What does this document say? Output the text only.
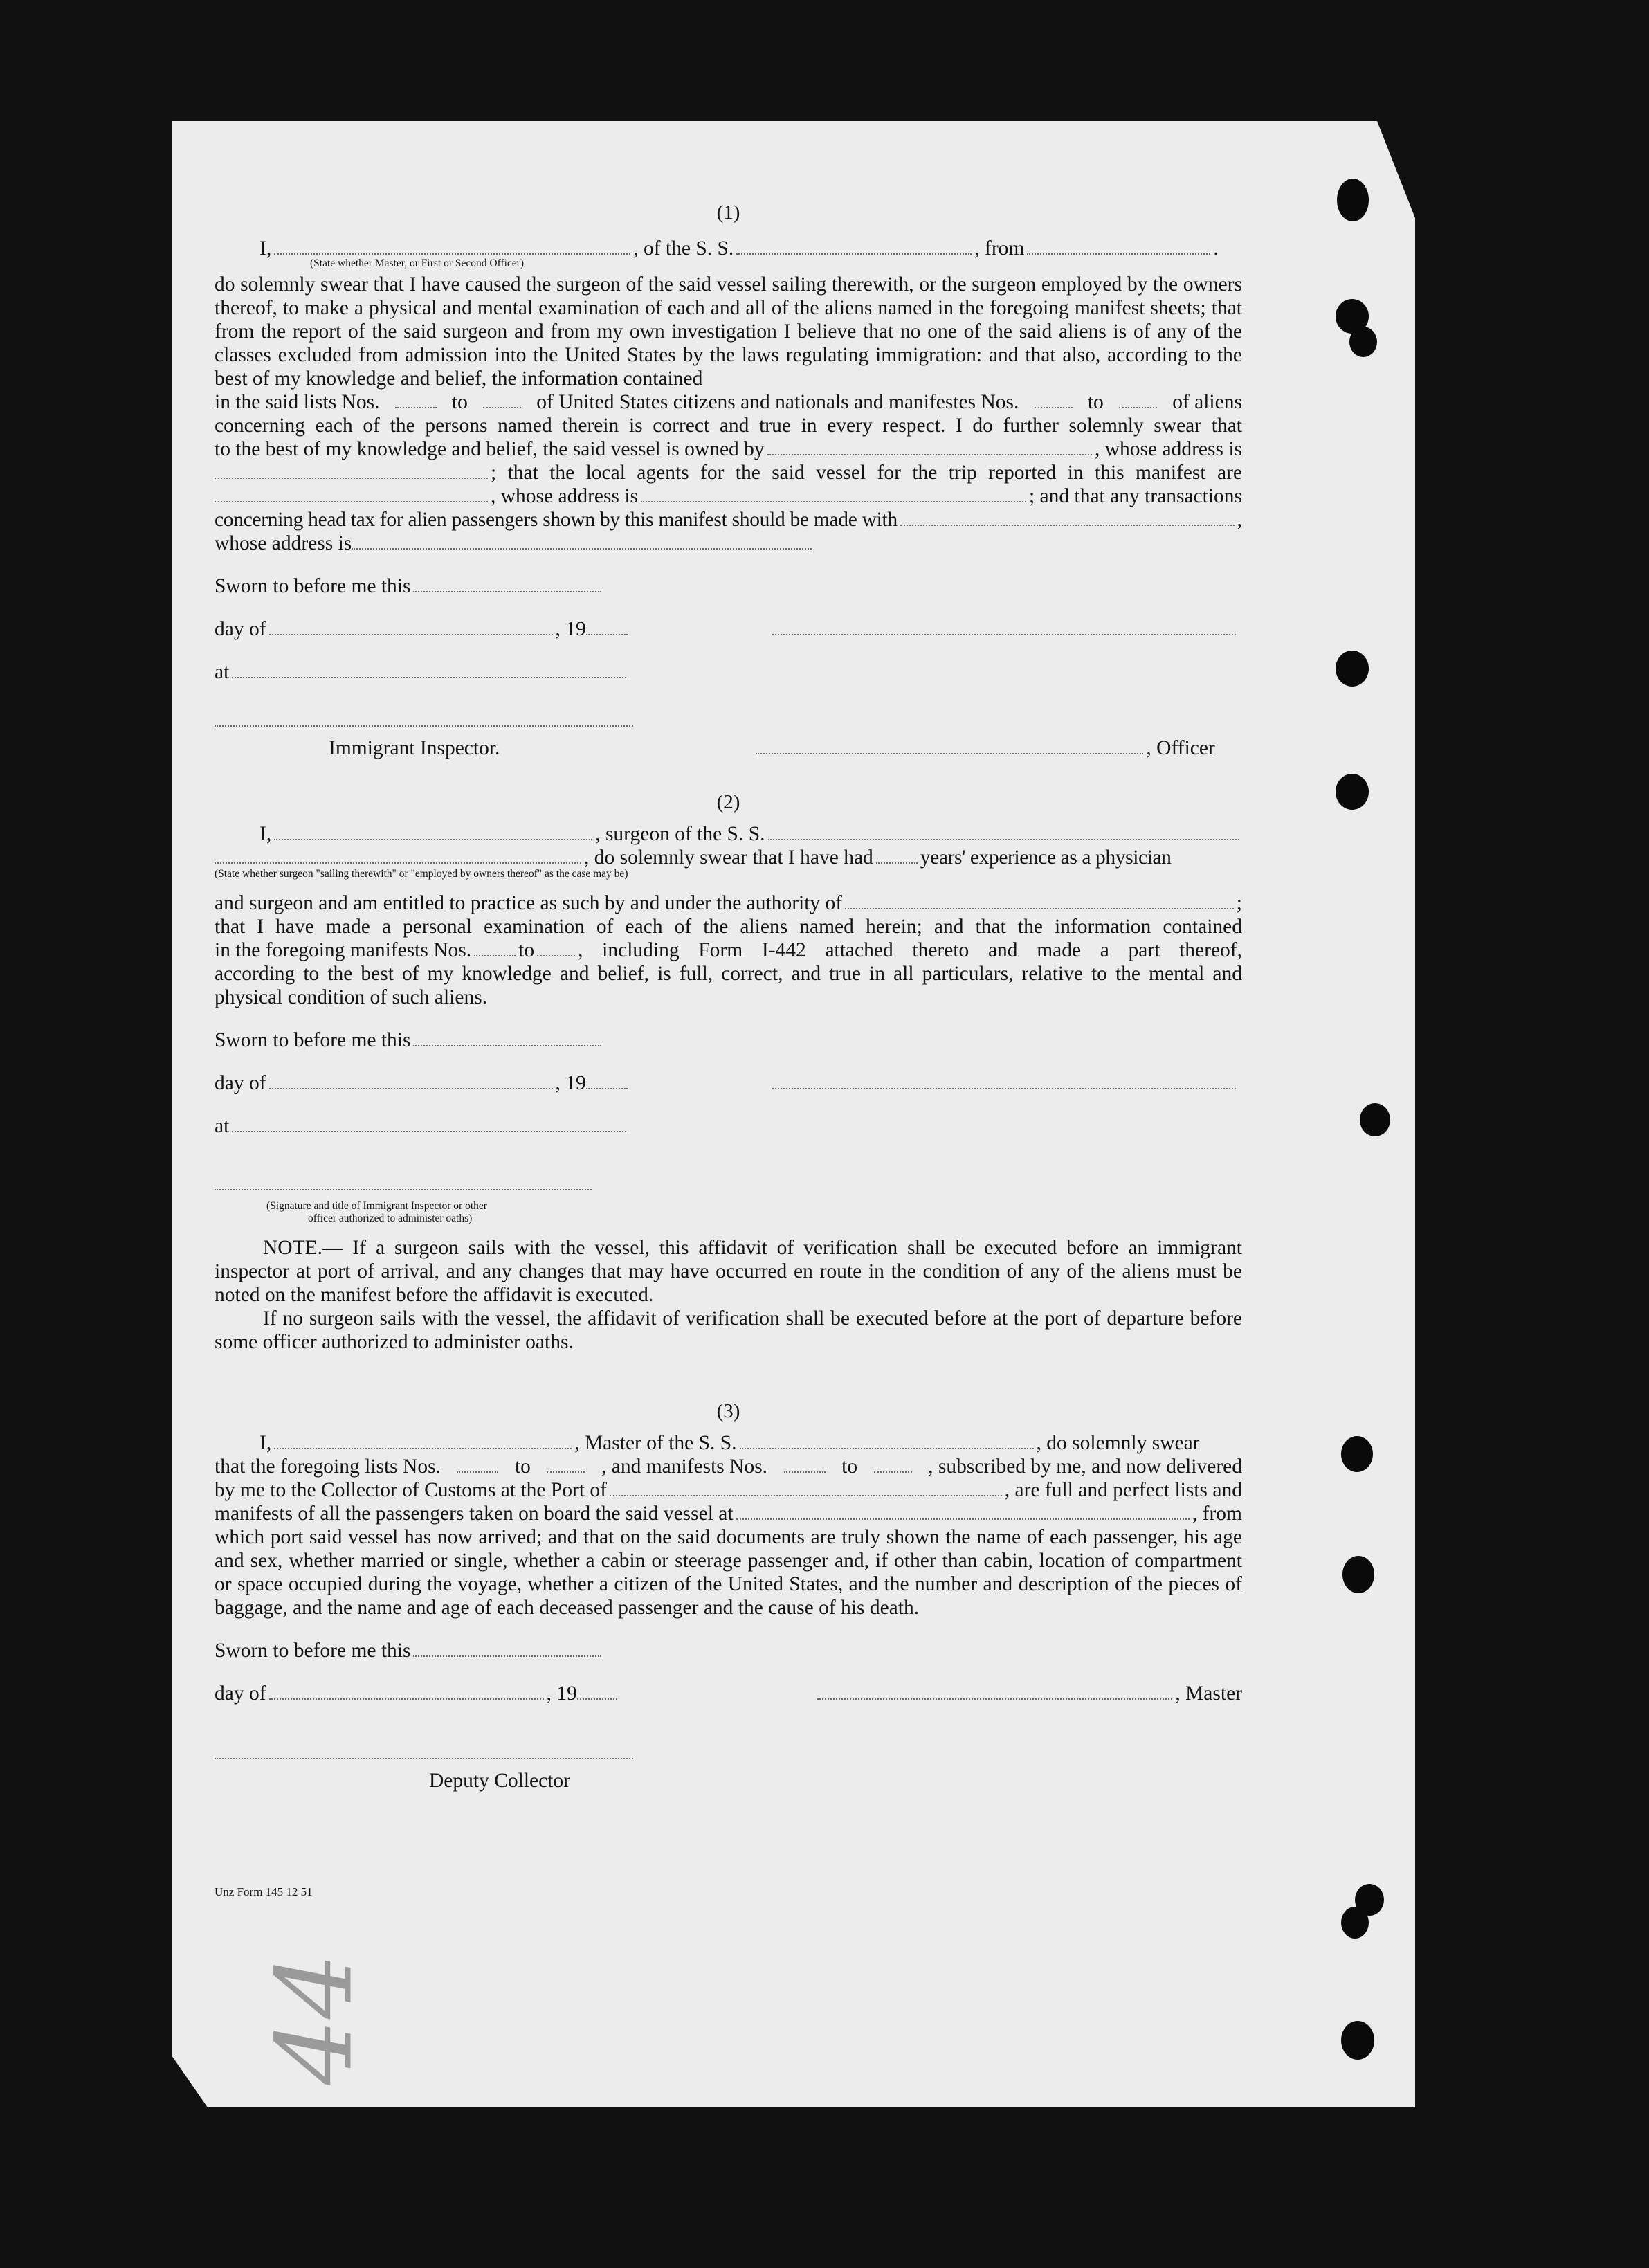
(1)
I,	, of the S. S.	, from	.
(State whether Master, or First or Second Officer)

do solemnly swear that I have caused the surgeon of the said vessel sailing therewith, or the surgeon employed by the owners thereof, to make a physical and mental examination of each and all of the aliens named in the foregoing manifest sheets; that from the report of the said surgeon and from my own investigation I believe that no one of the said aliens is of any of the classes excluded from admission into the United States by the laws regulating immigration: and that also, according to the best of my knowledge and belief, the information contained

in the said lists Nos.	to	of United States citizens and nationals and manifestes Nos.	to	of aliens

concerning each of the persons named therein is correct and true in every respect. I do further solemnly swear that

to the best of my knowledge and belief, the said vessel is owned by	, whose address is
; that the local agents for the said vessel for the trip reported in this manifest are
, whose address is	; and that any transactions
concerning head tax for alien passengers shown by this manifest should be made with	,
whose address is
Sworn to before me this
day of	, 19
at
Immigrant Inspector.	, Officer
(2)
I,	, surgeon of the S. S.
, do solemnly swear that I have had years' experience as a physician
(State whether surgeon "sailing therewith" or "employed by owners thereof" as the case may be)
and surgeon and am entitled to practice as such by and under the authority of	;

that I have made a personal examination of each of the aliens named herein; and that the information contained

in the foregoing manifests Nos. to , including Form I-442 attached thereto and made a part thereof,

according to the best of my knowledge and belief, is full, correct, and true in all particulars, relative to the mental and physical condition of such aliens.

Sworn to before me this
day of	, 19
at
(Signature and title of Immigrant Inspector or other
officer authorized to administer oaths)

NOTE.— If a surgeon sails with the vessel, this affidavit of verification shall be executed before an immigrant inspector at port of arrival, and any changes that may have occurred en route in the condition of any of the aliens must be noted on the manifest before the affidavit is executed.

If no surgeon sails with the vessel, the affidavit of verification shall be executed before at the port of departure before some officer authorized to administer oaths.

(3)
I,	, Master of the S. S.	, do solemnly swear
that the foregoing lists Nos.	to	, and manifests Nos.	to	, subscribed by me, and now delivered
by me to the Collector of Customs at the Port of	, are full and perfect lists and
manifests of all the passengers taken on board the said vessel at	, from

which port said vessel has now arrived; and that on the said documents are truly shown the name of each passenger, his age and sex, whether married or single, whether a cabin or steerage passenger and, if other than cabin, location of compartment or space occupied during the voyage, whether a citizen of the United States, and the number and description of the pieces of baggage, and the name and age of each deceased passenger and the cause of his death.

Sworn to before me this
day of	, 19	, Master
Deputy Collector
Unz Form 145 12 51
44
